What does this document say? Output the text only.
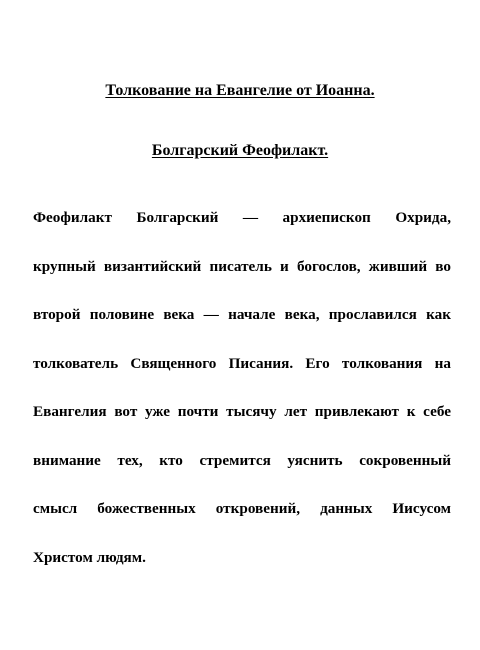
Толкование на Евангелие от Иоанна.
Болгарский Феофилакт.
Феофилакт Болгарский — архиепископ Охрида,
крупный византийский писатель и богослов, живший во
второй половине века — начале века, прославился как
толкователь Священного Писания. Его толкования на
Евангелия вот уже почти тысячу лет привлекают к себе
внимание тех, кто стремится уяснить сокровенный
смысл божественных откровений, данных Иисусом
Христом людям.
